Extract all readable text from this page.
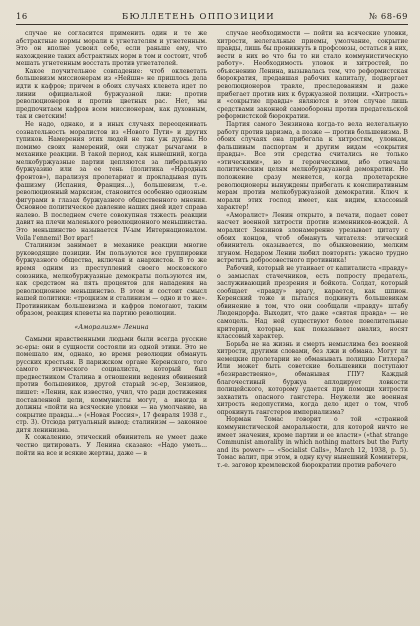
16	БЮЛЛЕТЕНЬ ОППОЗИЦИИ	№ 68-69

случае не согласится применить один и те же абстрактные нормы морали к угнетателям и угнетенным. Это он вполне усвоил себе, если раньше ему, что нахождение таких абстрактных норм в том и состоит, чтоб мешать угнетенным восстать против угнетателей.

Какое поучительное совпадение: чтоб оклеветать большевизм миссионерам из «Нейшн» не пришлось дела идти к кафров; причем в обоих случаях клевета идет по линии официальной буржуазной лжи: против революционеров и против цветных рас. Нет, мы предпочитаем кафров всем миссионерам, как духовным, так и светским!

Не надо, однако, и в иных случаях переоценивать сознательность моралистов из «Нового Пути» и других тупиков. Намерения этих людей не так уж дурны. Но помимо своих намерений, они служат рычагами в механике реакции. В такой период, как нынешний, когда мелкобуржуазные партии цепляются за либеральную буржуазию или за ее тень (политика «Народных фронтов»), парализуя пролетариат и прокладывая путь фашизму (Испания, Франция...), большевизм, т.-е. революционный марксизм, становится особенно одиозным фигурами в глазах буржуазного общественного мнения. Основное политическое давление наших дней идет справа налево. В последнем счете совокупная тяжесть реакции давит на плечи маленького революционного меньшинства. Это меньшинство называется IV-ым Интернационалом. Voila l'ennemi! Вот враг!

Сталинизм занимает в механике реакции многие руководящие позиции. Им пользуются все группировки буржуазного общества, включая и анархистов. В то же время одним из преступлений своего московского союзника, мелкобуржуазные демократы пользуются им, как средством на пять процентов для нападения на революционное меньшинство. В этом и состоит смысл нашей политики: «троцкизм и сталинизм — одно и то же». Противникам большевизма и кафров помогают, таким образом, реакция клеветы на партию революции.

«Аморализм» Ленина

Самыми нравственными людьми были всегда русские эс-еры: они в сущности состояли из одной этики. Это не помешало им, однако, во время революции обмануть русских крестьян. В парижском органе Керенского, того самого этического социалиста, который был предвестником Сталина в отношении ведения обвинений против большевиков, другой старый эс-ер, Зензинов, пишет: «Ленин, как известно, учил, что ради достижения поставленной цели, коммунисты могут, а иногда и должны «пойти на всяческие уловки — на умолчание, на сокрытие правды...» («Новая Россия», 17 февраля 1938 г., стр. 3). Отсюда ритуальный вывод: сталинизм — законное дитя ленинизма.

К сожалению, этический обвинитель не умеет даже честно цитировать. У Ленина сказано: «Надо уметь... пойти на все и всякие жертвы, даже — в

случае необходимости — пойти на всяческие уловки, хитрости, нелегальные приемы, умолчание, сокрытие правды, лишь бы проникнуть в профсоюзы, остаться в них, вести в них во что бы то ни стало коммунистическую работу». Необходимость уловок и хитростей, по объяснению Ленина, вызывалась тем, что реформистская бюрократия, предавшая рабочих капиталу, подвергает революционеров травле, преследованиям и даже прибегает против них к буржуазной полиции. «Хитрость» и «сокрытие правды» являются в этом случае лишь средствами законной самообороны против предательской реформистской бюрократии.

Партия самого Зензинова когда-то вела нелегальную работу против царизма, а позже — против большевизма. В обоих случаях она прибегала к хитростям, уловкам, фальшивым паспортам и другим видам «сокрытия правды». Все эти средства считались не только «этическими», но и героическими, ибо отвечали политическим целям мелкобуржуазной демократии. Но положение сразу меняется, когда пролетарские революционеры вынуждены прибегать к конспиративным мерам против мелкобуржуазной демократии. Ключ к морали этих господ имеет, как видим, классовый характер!

«Аморалист» Ленин открыто, в печати, подает совет насчет военной хитрости против изменников-вождей. А моралист Зензинов злонамеренно урезывает цитату с обоих концов, чтоб обмануть читателя: этический обвинитель оказывается, по обыкновению, мелким лгуном. Недаром Ленин любил повторять: ужасно трудно встретить добросовестного противника!

Рабочий, который не утаивает от капиталиста «правду» о замыслах стачечников, есть попросту предатель, заслуживающий презрения и бойкота. Солдат, который сообщает «правду» врагу, карается, как шпион. Керенский тоже и пытался подкинуть большевикам обвинение в том, что они сообщали «правду» штабу Людендорфа. Выходит, что даже «святая правда» — не самоцель. Над ней существуют более повелительные критерии, которые, как показывает анализ, носят классовый характер.

Борьба не на жизнь и смерть немыслима без военной хитрости, другими словами, без лжи и обмана. Могут ли немецкие пролетарии не обманывать полицию Гитлера? Или может быть советские большевики поступают «безнравственно», обманывая ГПУ? Каждый благочестивый буржуа аплодирует ловкости полицейского, которому удается при помощи хитрости захватить опасного гангстера. Неужели же военная хитрость недопустима, когда дело идет о том, чтоб опрокинуть гангстеров империализма?

Норман Томас говорит о той «странной коммунистической аморальности, для которой ничто не имеет значения, кроме партии и ее власти» («that strange Communist amorality in which nothing matters but the Party and its power» — «Socialist Calls», March 12, 1938, p. 5). Томас валит, при этом, в одну кучу нынешний Коминтерн, т.-е. заговор кремлевской бюрократии против рабочего
